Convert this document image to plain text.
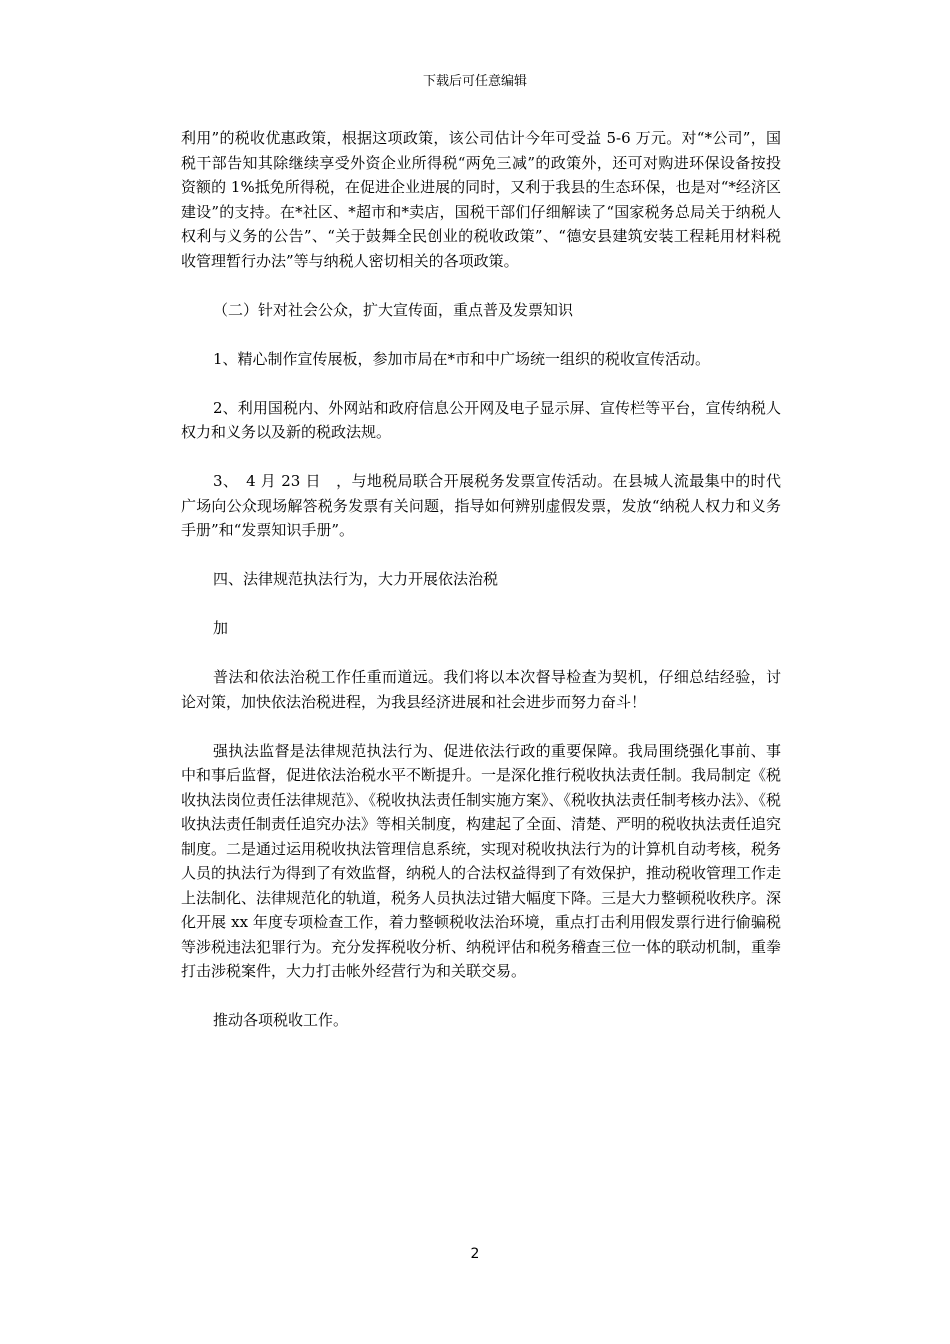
下载后可任意编辑

利用”的税收优惠政策，根据这项政策，该公司估计今年可受益 5-6 万元。对“*公司”，国税干部告知其除继续享受外资企业所得税“两免三减”的政策外，还可对购进环保设备按投资额的 1%抵免所得税，在促进企业进展的同时，又利于我县的生态环保，也是对“*经济区建设”的支持。在*社区、*超市和*卖店，国税干部们仔细解读了“国家税务总局关于纳税人权利与义务的公告”、“关于鼓舞全民创业的税收政策”、“德安县建筑安装工程耗用材料税收管理暂行办法”等与纳税人密切相关的各项政策。

（二）针对社会公众，扩大宣传面，重点普及发票知识

1、精心制作宣传展板，参加市局在*市和中广场统一组织的税收宣传活动。

2、利用国税内、外网站和政府信息公开网及电子显示屏、宣传栏等平台，宣传纳税人权力和义务以及新的税政法规。

3、　4 月 23 日　，与地税局联合开展税务发票宣传活动。在县城人流最集中的时代广场向公众现场解答税务发票有关问题，指导如何辨别虚假发票，发放“纳税人权力和义务手册”和“发票知识手册”。

四、法律规范执法行为，大力开展依法治税

加

普法和依法治税工作任重而道远。我们将以本次督导检查为契机，仔细总结经验，讨论对策，加快依法治税进程，为我县经济进展和社会进步而努力奋斗！

强执法监督是法律规范执法行为、促进依法行政的重要保障。我局围绕强化事前、事中和事后监督，促进依法治税水平不断提升。一是深化推行税收执法责任制。我局制定《税收执法岗位责任法律规范》、《税收执法责任制实施方案》、《税收执法责任制考核办法》、《税收执法责任制责任追究办法》等相关制度，构建起了全面、清楚、严明的税收执法责任追究制度。二是通过运用税收执法管理信息系统，实现对税收执法行为的计算机自动考核，税务人员的执法行为得到了有效监督，纳税人的合法权益得到了有效保护，推动税收管理工作走上法制化、法律规范化的轨道，税务人员执法过错大幅度下降。三是大力整顿税收秩序。深化开展 xx 年度专项检查工作，着力整顿税收法治环境，重点打击利用假发票行进行偷骗税等涉税违法犯罪行为。充分发挥税收分析、纳税评估和税务稽查三位一体的联动机制，重拳打击涉税案件，大力打击帐外经营行为和关联交易。

推动各项税收工作。

2
